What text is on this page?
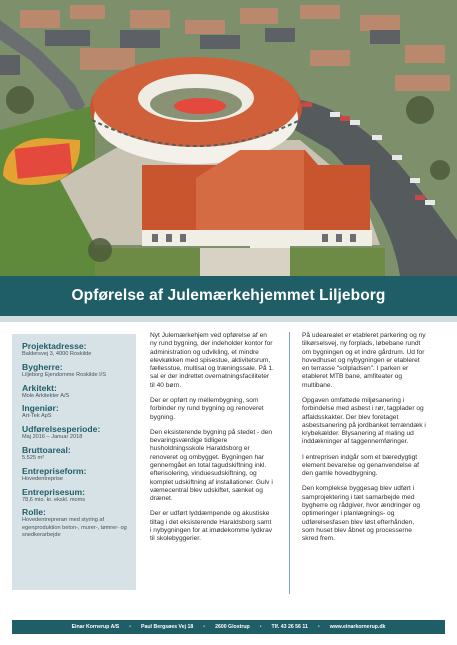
Opførelse af Julemærkehjemmet Liljeborg
Projektadresse:
Baldersvej 3, 4000 Roskilde
Bygherre:
Liljeborg Ejendomme Roskilde I/S
Arkitekt:
Mole Arkitekter A/S
Ingeniør:
Art-Tek ApS
Udførelsesperiode:
Maj 2016 – Januar 2018
Bruttoareal:
5.525 m²
Entrepriseform:
Hovedentreprise
Entreprisesum:
78,6 mio. kr. ekskl. moms
Rolle:
Hovedentreprenør med styring af egenproduktion beton-, murer-, tømrer- og snedkerarbejde

Nyt Julemærkehjem ved opførelse af en ny rund bygning, der indeholder kontor for administration og udvikling, et mindre elevkøkken med spisestue, aktivitetsrum, fællesstue, multisal og træningssale. På 1. sal er der indrettet overnatningsfaciliteter til 40 børn.

Der er opført ny mellembygning, som forbinder ny rund bygning og renoveret bygning.

Den eksisterende bygning på stedet - den bevaringsværdige tidligere husholdningsskole Haraldsborg er renoveret og ombygget. Bygningen har gennemgået en total tagudskiftning inkl. efterisolering, vinduesudskiftning, og komplet udskiftning af installationer. Gulv i væmecentral blev udskiftet, sænket og drænet.

Der er udført lyddæmpende og akustiske tiltag i det eksisterende Haraldsborg samt i nybygningen for at imødekomme lydkrav til skolebyggerier.

På udearealet er etableret parkering og ny tilkørselsvej, ny forplads, løbebane rundt om bygningen og et indre gårdrum. Ud for hovedhuset og nybygningen er etableret en terrasse "solpladsen". I parken er etableret MTB bane, amfiteater og multibane.

Opgaven omfattede miljøsanering i forbindelse med asbest i rør, tagplader og affaldsskakter. Der blev foretaget asbestsanering på jordbanket terrændæk i krybekælder. Blysanering af maling ud inddækninger af taggennemføringer.

I entreprisen indgår som et bæredygtigt element bevarelse og genanvendelse af den gamle hovedbygning.

Den komplekse byggesag blev udført i samprojektering i tæt samarbejde med bygherre og rådgiver, hvor ændringer og optimeringer i planlægnings- og udførelsesfasen blev løst efterhånden, som huset blev åbnet og processerne skred frem.

Einar Kornerup A/S • Paul Bergsøes Vej 18 • 2600 Glostrup • Tlf. 43 26 56 11 • www.einarkornerup.dk
